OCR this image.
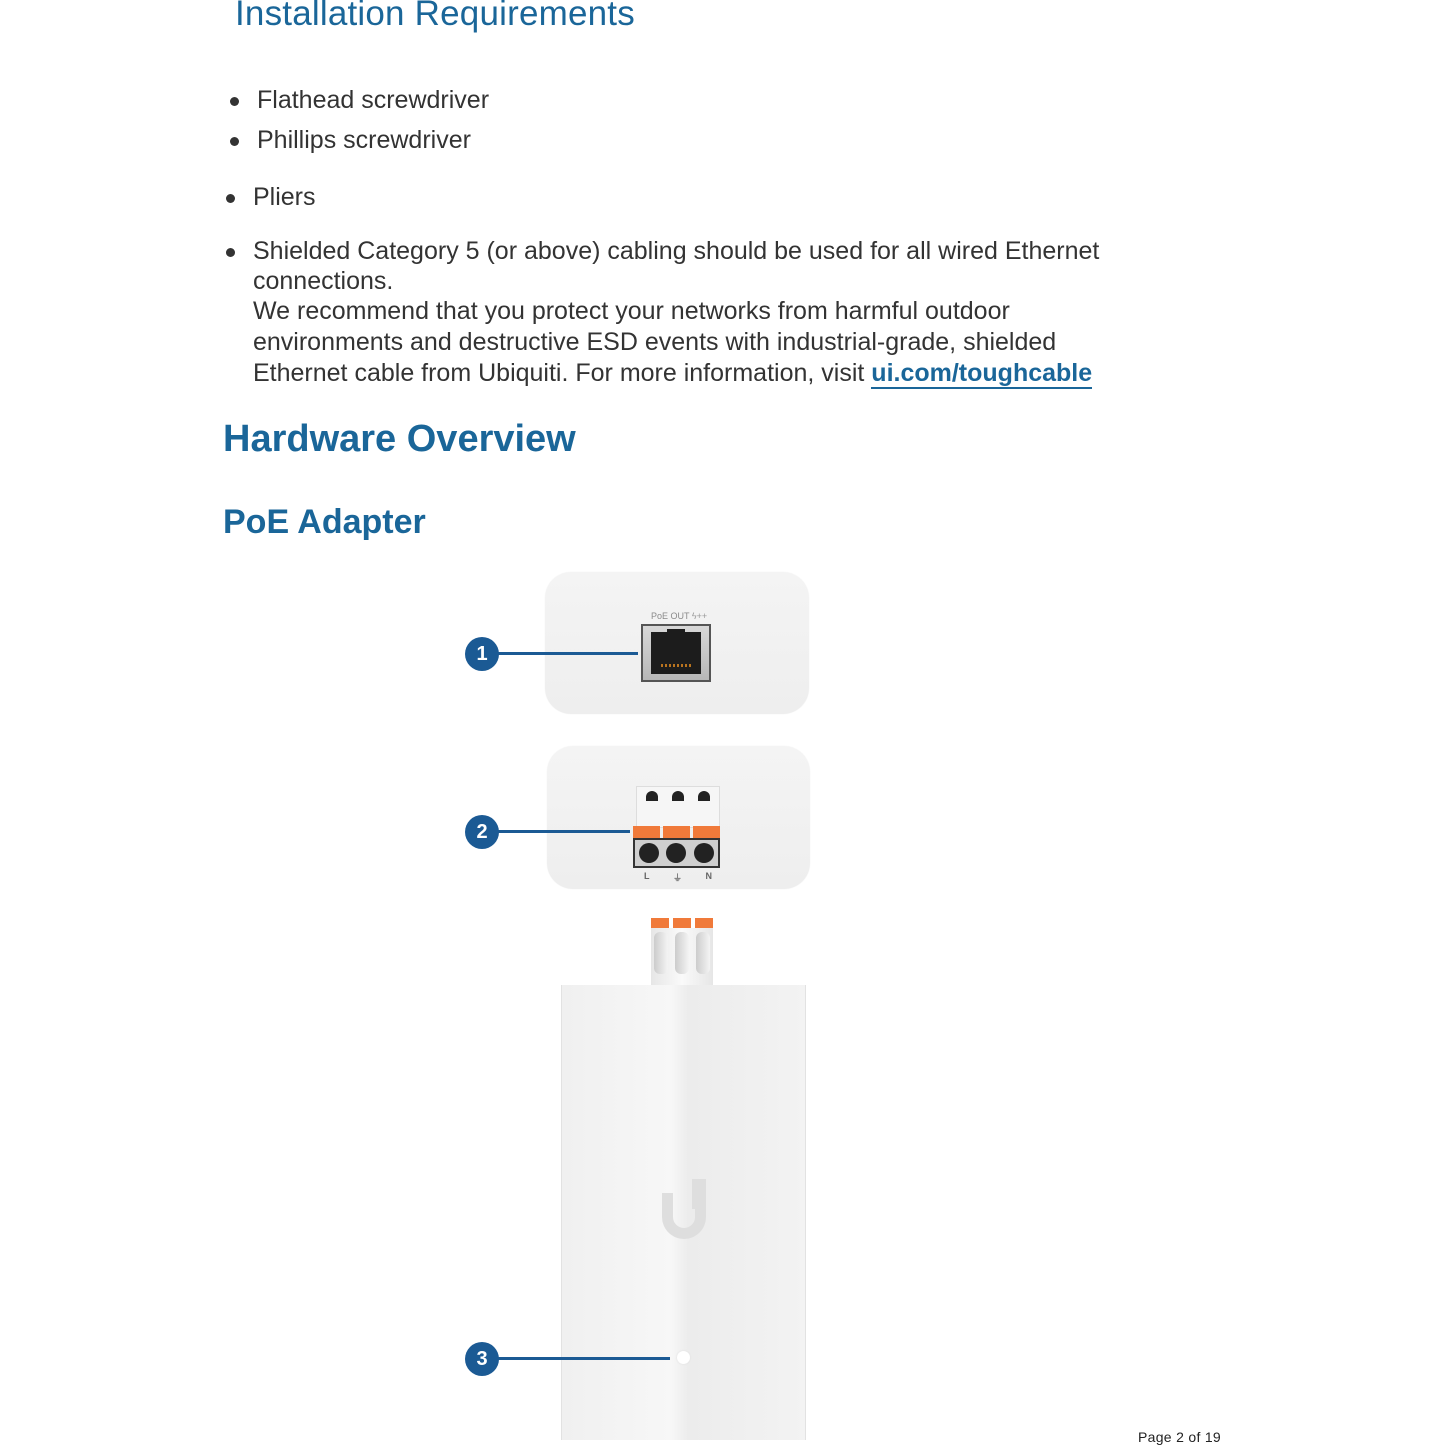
Installation Requirements
Flathead screwdriver
Phillips screwdriver
Pliers
Shielded Category 5 (or above) cabling should be used for all wired Ethernet connections.

We recommend that you protect your networks from harmful outdoor environments and destructive ESD events with industrial-grade, shielded Ethernet cable from Ubiquiti. For more information, visit ui.com/toughcable

Hardware Overview
PoE Adapter
PoE OUT ϟ++
1
L	⏚	N
2
3
Page 2 of 19
